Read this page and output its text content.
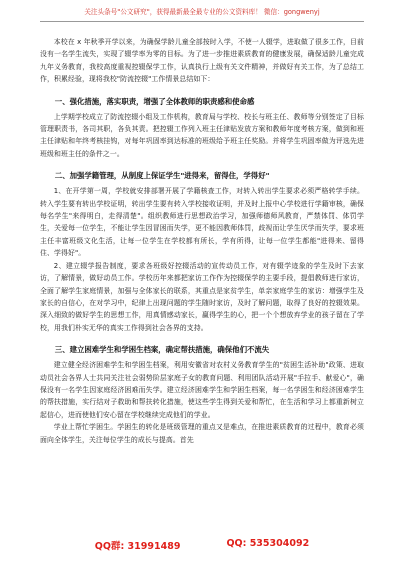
关注头条号"公文研究"，获得最新最全最专业的公文资料库！ 微信：gongwenyj

本校在 x 年秋季开学以来，为确保学龄儿童全部按时入学，不使一人辍学，进取做了很多工作，目前没有一名学生流失，实现了辍学率为零的目标。为了进一步推进素质教育的健康发展，确保适龄儿童完成九年义务教育，我校高度重视控辍保学工作，认真执行上级有关文件精神，并做好有关工作，为了总结工作，积累经验，现将我校"防流控辍"工作情景总结如下：

一、强化措施，落实职责，增强了全体教师的职责感和使命感

上学期学校成立了防流控辍小组及工作机构，教育局与学校、校长与班主任、教师等分别签定了目标管理职责书，各司其职，各负其责。把控辍工作列入班主任津贴发放方案和教师年度考核方案，做到和班主任津贴和年终考核挂钩，对每年巩固率到达标准的班级给予班主任奖励。并将学生巩固率做为评选先进班级和班主任的条件之一。

二、加强学籍管理，从制度上保证学生"进得来，留得住，学得好"

1、在开学第一周，学校就安排部署开展了学籍核查工作，对转入转出学生要求必须严格转学手续。转入学生要有转出学校证明，转出学生要有转入学校接收证明，并及时上报中心学校进行学籍审核，确保每名学生"来得明白，走得清楚"。组织教师进行思想政治学习，加强师德师风教育，严禁体罚、体罚学生，关爱每一位学生，不能让学生因冒困而失学，更不能因教师体罚，歧视而让学生厌学而失学，要求班主任丰富班级文化生活，让每一位学生在学校都有所长，学有所得，让每一位学生都能"进得来、留得住、学得好"。

2、建立辍学报告制度，要求各班级好控辍活动的宣传动员工作，对有辍学迹象的学生及时下去家访，了解情景，做好动员工作。学校历年来都把家访工作作为控辍保学的主要手段，提倡教师进行家访，全面了解学生家庭情景，加强与全体家长的联系，其重点是家贫学生，单亲家庭学生的家访：增强学生及家长的自信心，在对学习中，纪律上出现问题的学生随时家访，及时了解问题，取得了良好的控辍效果。深入细致的做好学生的思想工作，用真情感动家长，赢得学生的心，把一个个想放弃学业的孩子留在了学校，用我们朴实无华的真实工作得到社会各界的支持。

三、建立困难学生和学困生档案，确定帮扶措施，确保他们不流失

建立健全经济困难学生和学困生档案，利用安徽省对农村义务教育学生的"贫困生活补助"政策、进取动员社会各界人士共同关注社会弱势阶层家庭子女的教育问题、利用团队活动开展"手拉手、献爱心"，确保没有一名学生因家庭经济困难而失学。建立经济困难学生和学困生档案，每一名学困生和经济困难学生的帮扶措施，实行结对子救助和帮扶转化措施，使这些学生得到关爱和帮忙，在生活和学习上都重新树立起信心，进而使他们安心留在学校继续完成他们的学业。

学业上帮忙学困生。学困生的转化是班级管理的重点又是难点，在推进素质教育的过程中，教育必须面向全体学生，关注每位学生的成长与提高。首先

QQ群: 31991489	QQ: 535304092
